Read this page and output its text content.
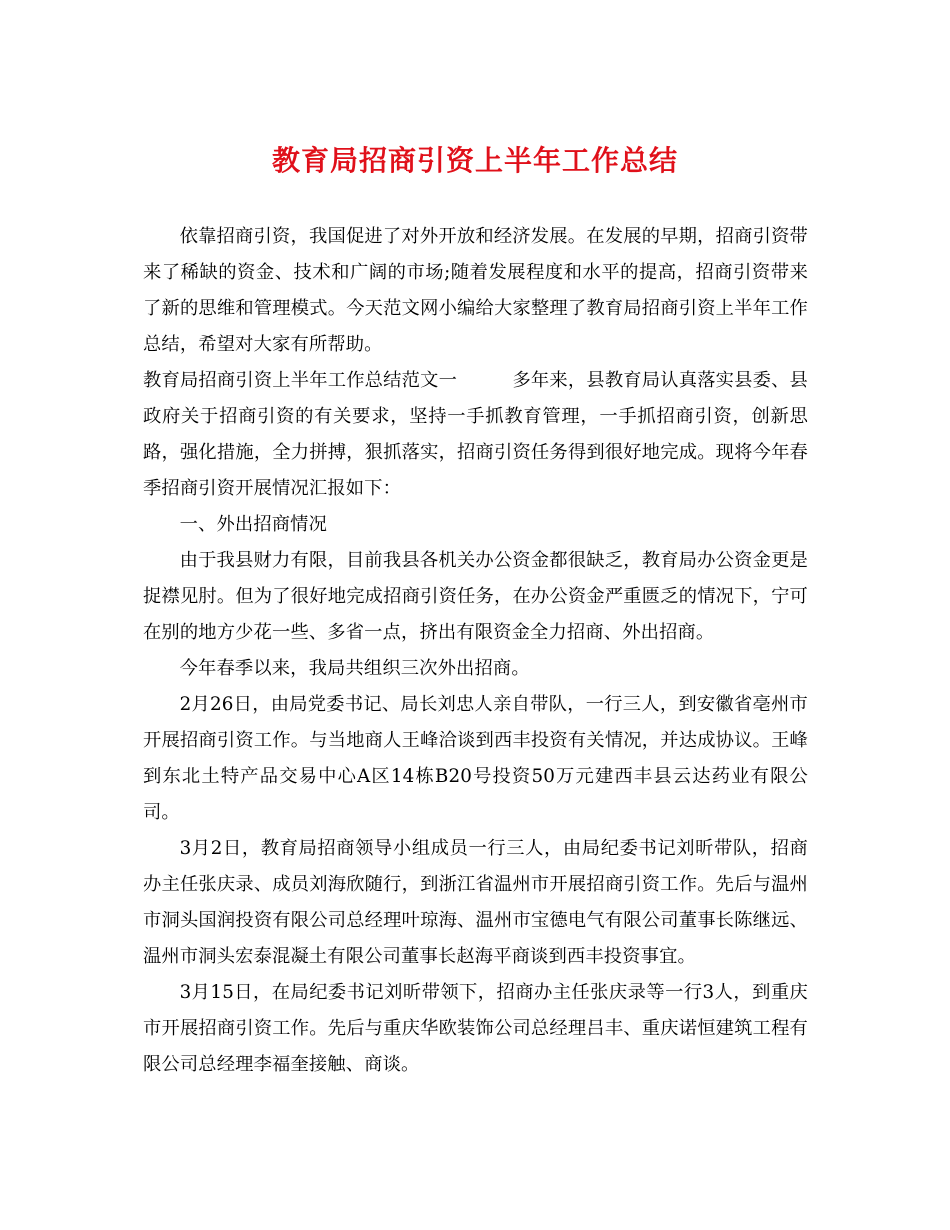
教育局招商引资上半年工作总结

依靠招商引资，我国促进了对外开放和经济发展。在发展的早期，招商引资带来了稀缺的资金、技术和广阔的市场;随着发展程度和水平的提高，招商引资带来了新的思维和管理模式。今天范文网小编给大家整理了教育局招商引资上半年工作总结，希望对大家有所帮助。

教育局招商引资上半年工作总结范文一　　　多年来，县教育局认真落实县委、县政府关于招商引资的有关要求，坚持一手抓教育管理，一手抓招商引资，创新思路，强化措施，全力拼搏，狠抓落实，招商引资任务得到很好地完成。现将今年春季招商引资开展情况汇报如下：

一、外出招商情况

由于我县财力有限，目前我县各机关办公资金都很缺乏，教育局办公资金更是捉襟见肘。但为了很好地完成招商引资任务，在办公资金严重匮乏的情况下，宁可在别的地方少花一些、多省一点，挤出有限资金全力招商、外出招商。

今年春季以来，我局共组织三次外出招商。

2月26日，由局党委书记、局长刘忠人亲自带队，一行三人，到安徽省亳州市开展招商引资工作。与当地商人王峰洽谈到西丰投资有关情况，并达成协议。王峰到东北土特产品交易中心A区14栋B20号投资50万元建西丰县云达药业有限公司。

3月2日，教育局招商领导小组成员一行三人，由局纪委书记刘昕带队，招商办主任张庆录、成员刘海欣随行，到浙江省温州市开展招商引资工作。先后与温州市洞头国润投资有限公司总经理叶琼海、温州市宝德电气有限公司董事长陈继远、温州市洞头宏泰混凝土有限公司董事长赵海平商谈到西丰投资事宜。

3月15日，在局纪委书记刘昕带领下，招商办主任张庆录等一行3人，到重庆市开展招商引资工作。先后与重庆华欧装饰公司总经理吕丰、重庆诺恒建筑工程有限公司总经理李福奎接触、商谈。
